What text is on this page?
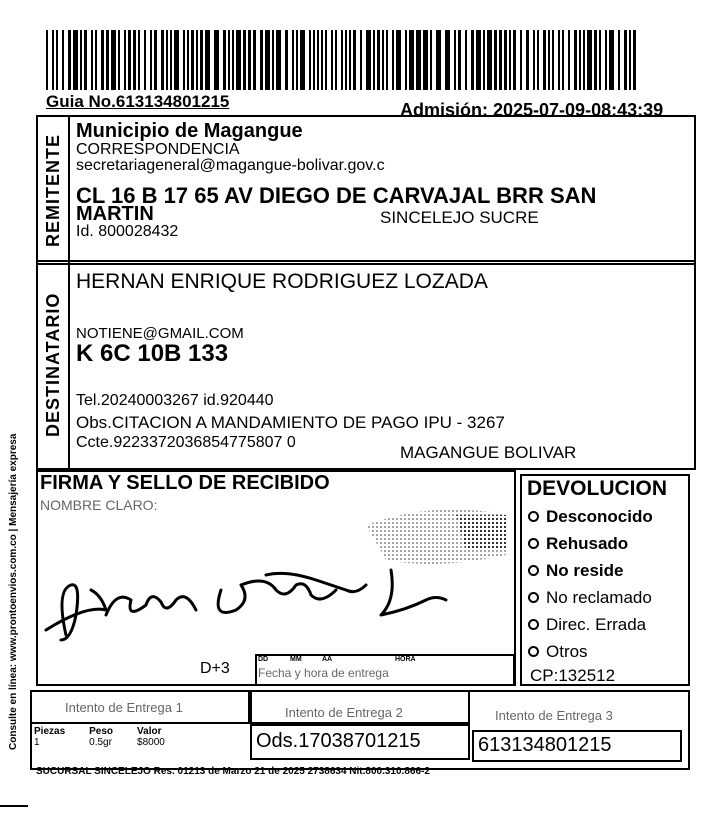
Guia No.613134801215	Admisión: 2025-07-09-08:43:39
Consulte en línea: www.prontoenvios.com.co | Mensajería expresa
REMITENTE
Municipio de Magangue
CORRESPONDENCIA
secretariageneral@magangue-bolivar.gov.c
CL 16 B 17 65 AV DIEGO DE CARVAJAL BRR SAN
MARTIN	SINCELEJO SUCRE
Id. 800028432
DESTINATARIO
HERNAN ENRIQUE RODRIGUEZ LOZADA
NOTIENE@GMAIL.COM
K 6C 10B 133
Tel.20240003267 id.920440
Obs.CITACION A MANDAMIENTO DE PAGO IPU - 3267
Ccte.9223372036854775807 0
MAGANGUE BOLIVAR
FIRMA Y SELLO DE RECIBIDO
NOMBRE CLARO:
D+3
DD	MM	AA	HORA
Fecha y hora de entrega
DEVOLUCION
Desconocido
Rehusado
No reside
No reclamado
Direc. Errada
Otros
CP:132512
Intento de Entrega 1	Intento de Entrega 2	Intento de Entrega 3
Piezas	Peso	Valor
1	0.5gr	$8000	Ods.17038701215	613134801215
SUCURSAL SINCELEJO Res. 01213 de Marzo 21 de 2025 2738634 Nit.800.310.866-2
